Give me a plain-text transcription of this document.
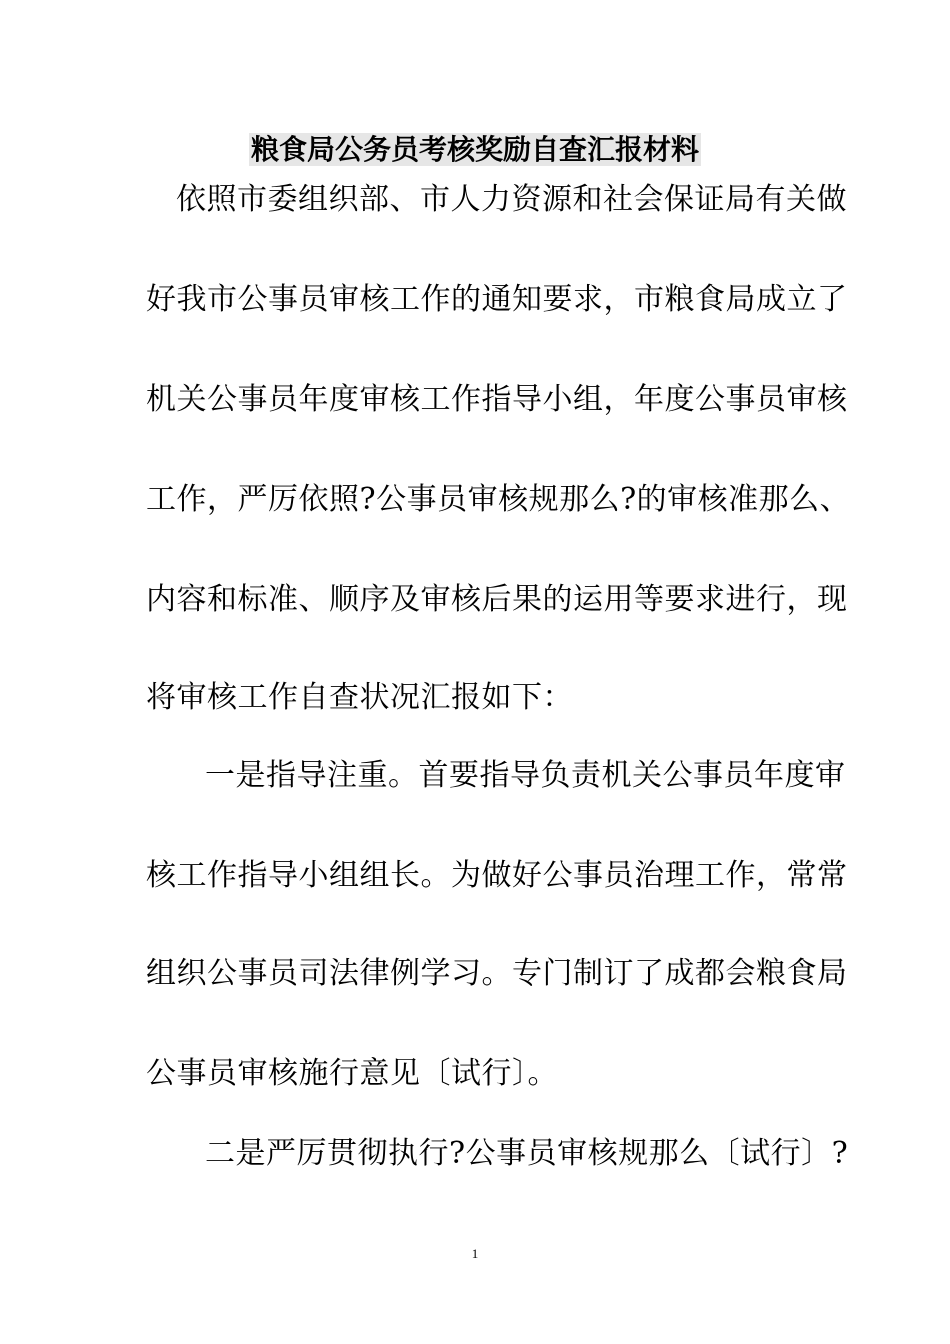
粮食局公务员考核奖励自查汇报材料
依照市委组织部、市人力资源和社会保证局有关做
好我市公事员审核工作的通知要求，市粮食局成立了
机关公事员年度审核工作指导小组，年度公事员审核
工作，严厉依照?公事员审核规那么?的审核准那么、
内容和标准、顺序及审核后果的运用等要求进行，现
将审核工作自查状况汇报如下：
一是指导注重。首要指导负责机关公事员年度审
核工作指导小组组长。为做好公事员治理工作，常常
组织公事员司法律例学习。专门制订了成都会粮食局
公事员审核施行意见〔试行〕。
二是严厉贯彻执行?公事员审核规那么〔试行〕?
1
